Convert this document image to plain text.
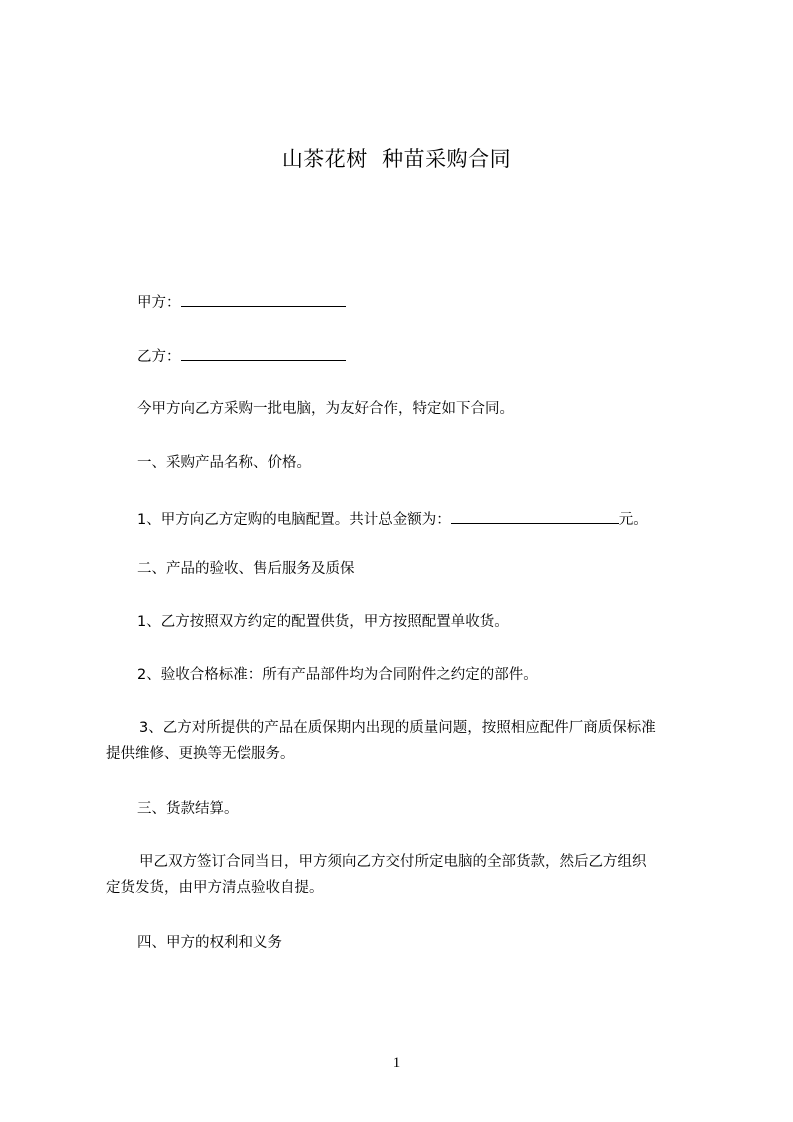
山茶花树  种苗采购合同
甲方：
乙方：
今甲方向乙方采购一批电脑，为友好合作，特定如下合同。
一、采购产品名称、价格。
1、甲方向乙方定购的电脑配置。共计总金额为：	元。
二、产品的验收、售后服务及质保
1、乙方按照双方约定的配置供货，甲方按照配置单收货。
2、验收合格标准：所有产品部件均为合同附件之约定的部件。
3、乙方对所提供的产品在质保期内出现的质量问题，按照相应配件厂商质保标准
提供维修、更换等无偿服务。
三、货款结算。
甲乙双方签订合同当日，甲方须向乙方交付所定电脑的全部货款，然后乙方组织
定货发货，由甲方清点验收自提。
四、甲方的权利和义务
1
